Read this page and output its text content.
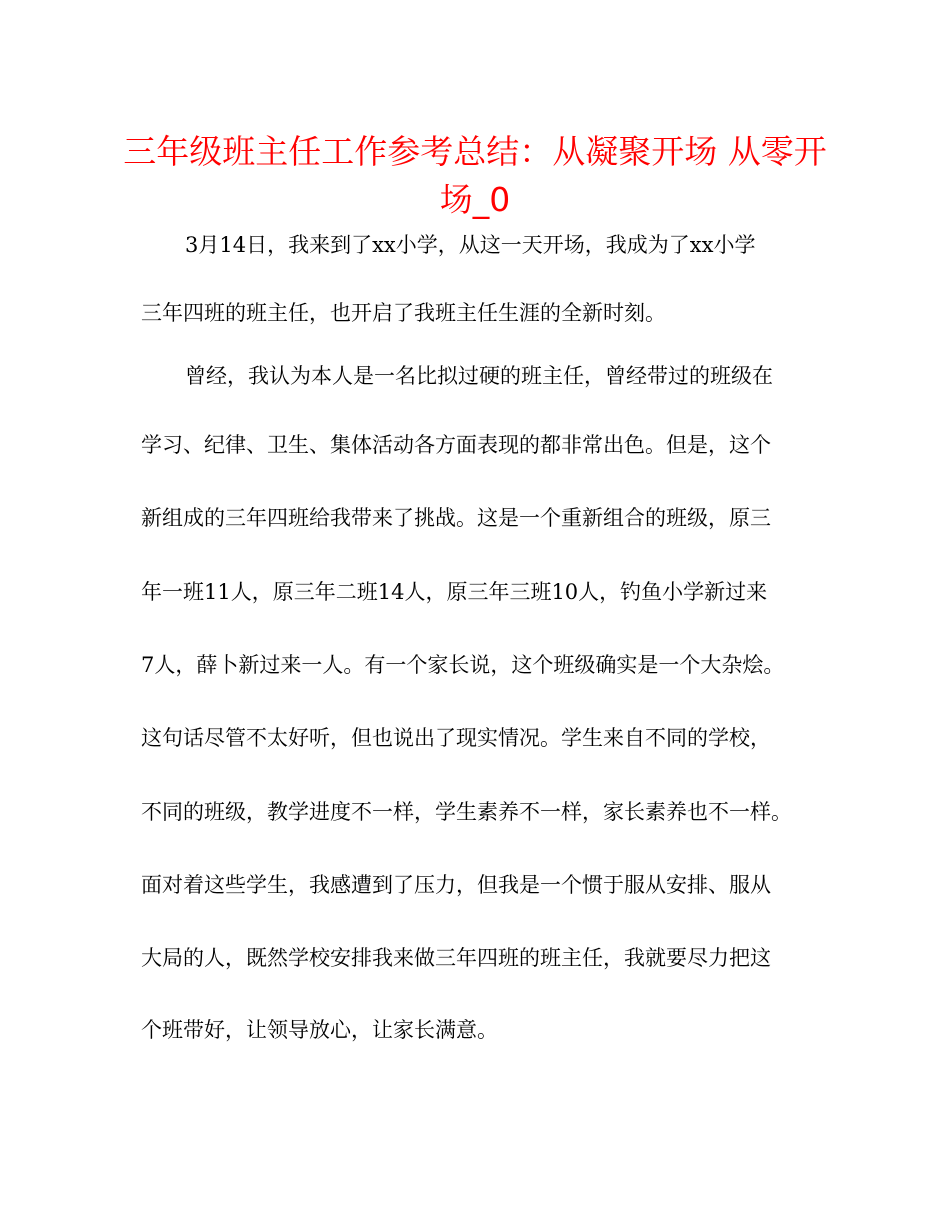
三年级班主任工作参考总结：从凝聚开场 从零开场_0
3月14日，我来到了xx小学，从这一天开场，我成为了xx小学
三年四班的班主任，也开启了我班主任生涯的全新时刻。
曾经，我认为本人是一名比拟过硬的班主任，曾经带过的班级在
学习、纪律、卫生、集体活动各方面表现的都非常出色。但是，这个
新组成的三年四班给我带来了挑战。这是一个重新组合的班级，原三
年一班11人，原三年二班14人，原三年三班10人，钓鱼小学新过来
7人，薛卜新过来一人。有一个家长说，这个班级确实是一个大杂烩。
这句话尽管不太好听，但也说出了现实情况。学生来自不同的学校，
不同的班级，教学进度不一样，学生素养不一样，家长素养也不一样。
面对着这些学生，我感遭到了压力，但我是一个惯于服从安排、服从
大局的人，既然学校安排我来做三年四班的班主任，我就要尽力把这
个班带好，让领导放心，让家长满意。
